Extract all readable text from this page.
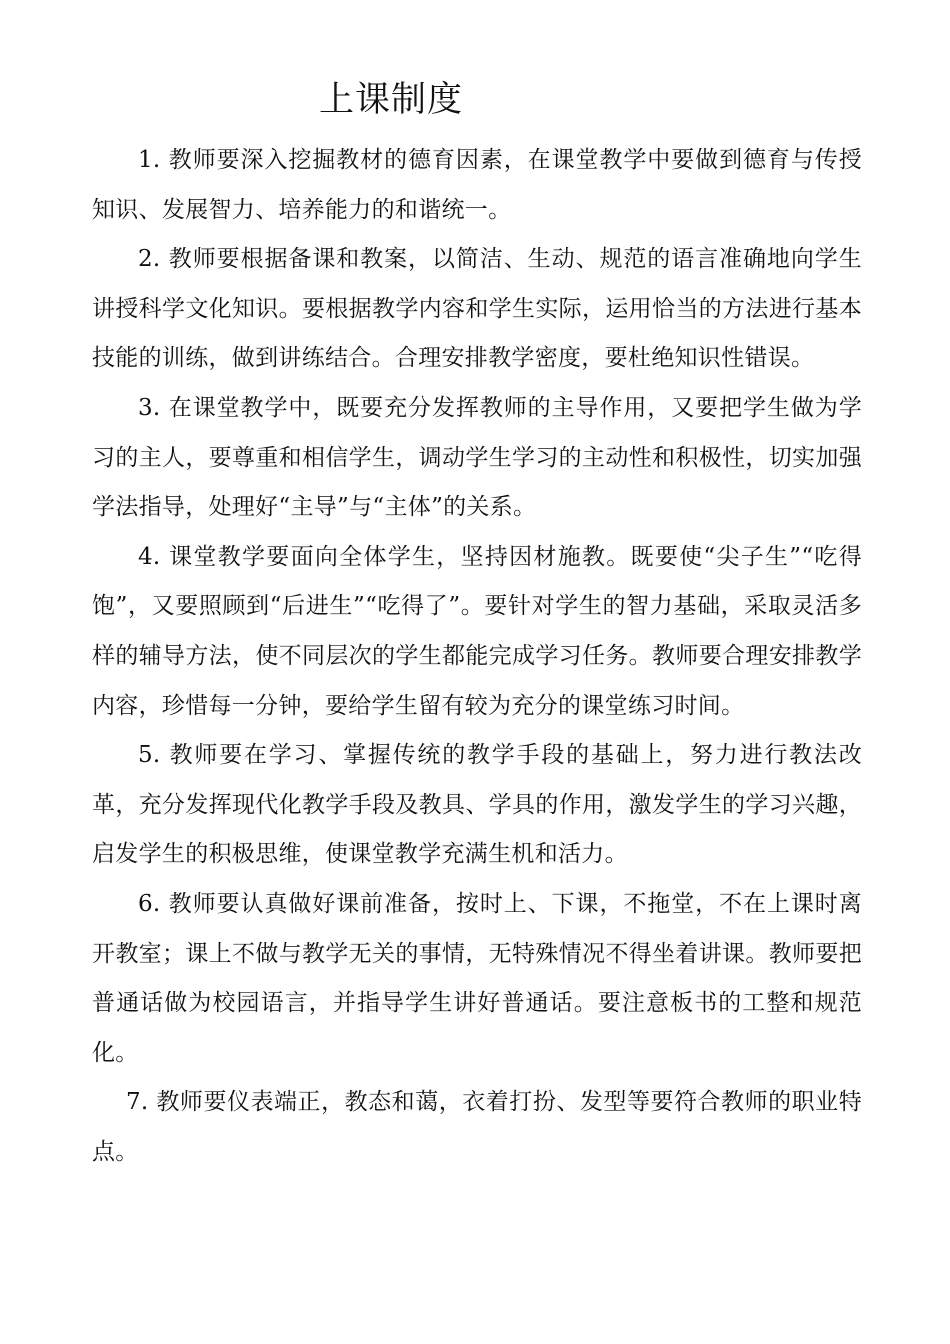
上课制度

1. 教师要深入挖掘教材的德育因素，在课堂教学中要做到德育与传授知识、发展智力、培养能力的和谐统一。

2. 教师要根据备课和教案，以简洁、生动、规范的语言准确地向学生讲授科学文化知识。要根据教学内容和学生实际，运用恰当的方法进行基本技能的训练，做到讲练结合。合理安排教学密度，要杜绝知识性错误。

3. 在课堂教学中，既要充分发挥教师的主导作用，又要把学生做为学习的主人，要尊重和相信学生，调动学生学习的主动性和积极性，切实加强学法指导，处理好“主导”与“主体”的关系。

4. 课堂教学要面向全体学生，坚持因材施教。既要使“尖子生”“吃得饱”，又要照顾到“后进生”“吃得了”。要针对学生的智力基础，采取灵活多样的辅导方法，使不同层次的学生都能完成学习任务。教师要合理安排教学内容，珍惜每一分钟，要给学生留有较为充分的课堂练习时间。

5. 教师要在学习、掌握传统的教学手段的基础上，努力进行教法改革，充分发挥现代化教学手段及教具、学具的作用，激发学生的学习兴趣，启发学生的积极思维，使课堂教学充满生机和活力。

6. 教师要认真做好课前准备，按时上、下课，不拖堂，不在上课时离开教室；课上不做与教学无关的事情，无特殊情况不得坐着讲课。教师要把普通话做为校园语言，并指导学生讲好普通话。要注意板书的工整和规范化。

7. 教师要仪表端正，教态和蔼，衣着打扮、发型等要符合教师的职业特点。
